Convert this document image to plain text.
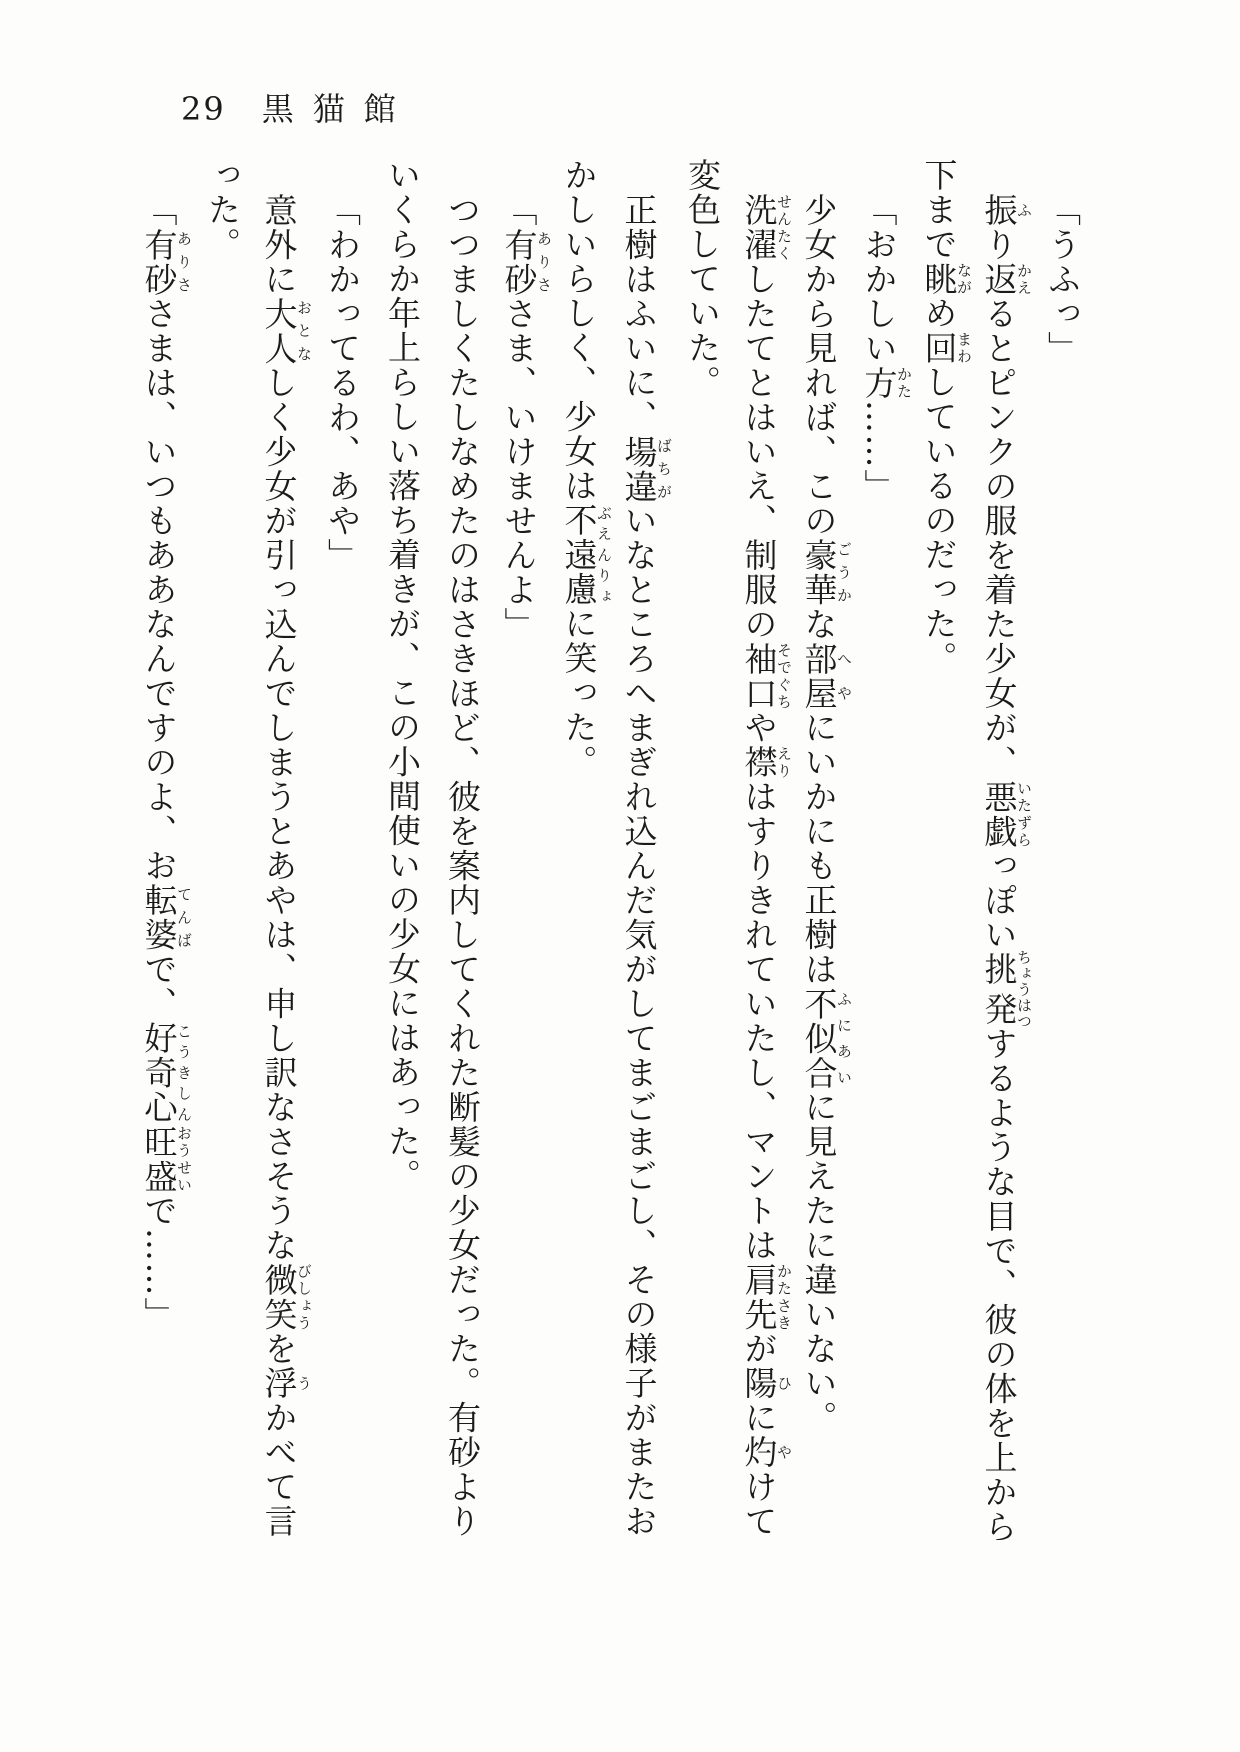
29 黒猫館
「うふっ」
振ふり返かえるとピンクの服を着た少女が、悪戯いたずらっぽい挑発ちょうはつするような目で、彼の体を上から
下まで眺ながめ回まわしているのだった。
「おかしい方かた……」
少女から見れば、この豪華ごうかな部屋へやにいかにも正樹は不似合ふにあいに見えたに違いない。
洗濯せんたくしたてとはいえ、制服の袖口そでぐちや襟えりはすりきれていたし、マントは肩先かたさきが陽ひに灼やけて
変色していた。
正樹はふいに、場違ばちがいなところへまぎれ込んだ気がしてまごまごし、その様子がまたお
かしいらしく、少女は不遠慮ぶえんりょに笑った。
「有砂ありささま、いけませんよ」
つつましくたしなめたのはさきほど、彼を案内してくれた断髪の少女だった。有砂より
いくらか年上らしい落ち着きが、この小間使いの少女にはあった。
「わかってるわ、あや」
意外に大人おとなしく少女が引っ込んでしまうとあやは、申し訳なさそうな微笑びしょうを浮うかべて言
った。
「有砂ありささまは、いつもああなんですのよ、お転婆てんばで、好奇心こうきしん旺盛おうせいで……」
